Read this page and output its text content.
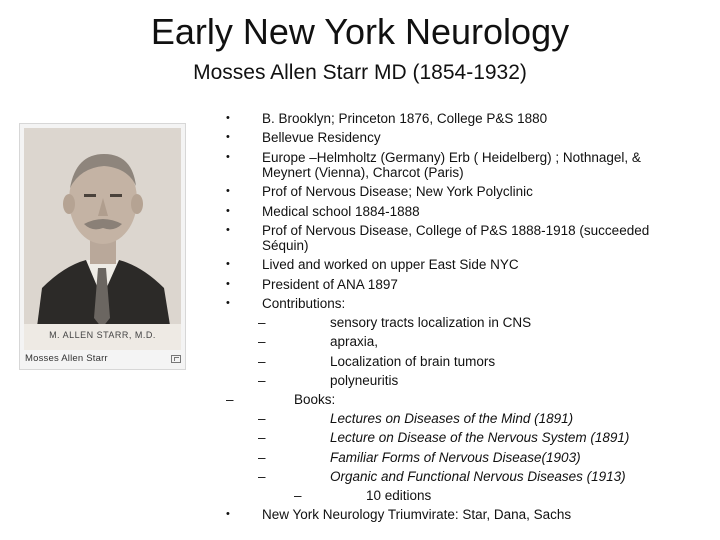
Early New York Neurology
Mosses Allen Starr MD (1854-1932)
M. ALLEN STARR, M.D.
Mosses Allen Starr
• B. Brooklyn; Princeton 1876, College P&S 1880
• Bellevue Residency
• Europe –Helmholtz (Germany) Erb ( Heidelberg) ; Nothnagel, &
Meynert (Vienna), Charcot (Paris)
• Prof of Nervous Disease; New York Polyclinic
• Medical school 1884-1888
• Prof of Nervous Disease, College of P&S 1888-1918 (succeeded
Séquin)
• Lived and worked on upper East Side NYC
• President of ANA 1897
• Contributions:
–	sensory tracts localization in CNS
–	apraxia,
–	Localization of brain tumors
–	polyneuritis
–	Books:
–	Lectures on Diseases of the Mind (1891)
–	Lecture on Disease of the Nervous System (1891)
–	Familiar Forms of Nervous Disease(1903)
–	Organic and Functional Nervous Diseases (1913)
–	10 editions
• New York Neurology Triumvirate: Star, Dana, Sachs
